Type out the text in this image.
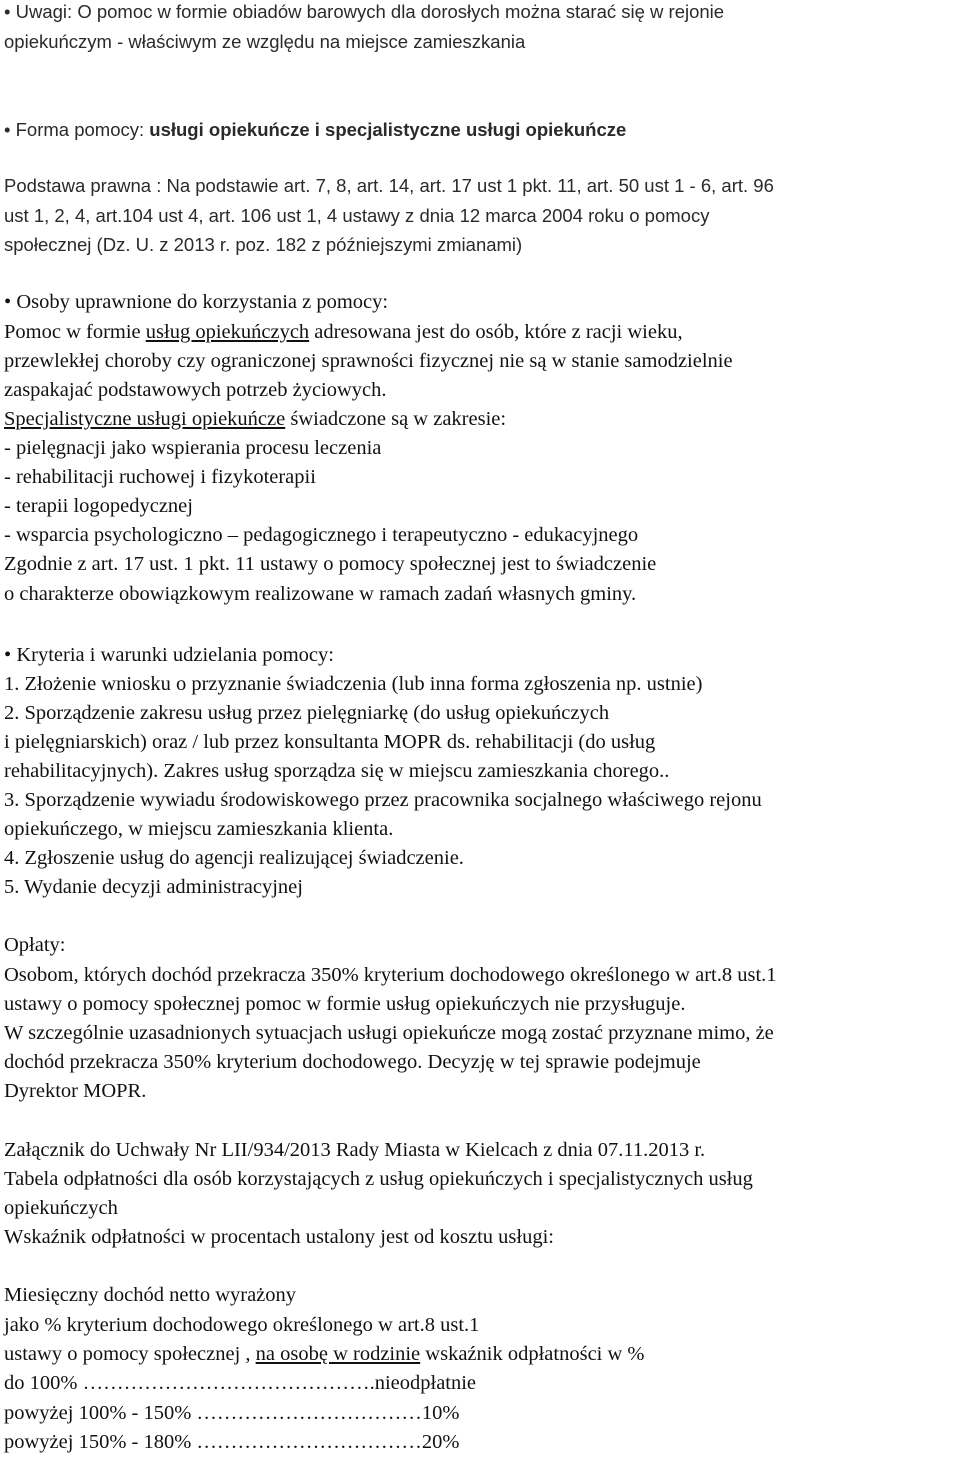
• Uwagi: O pomoc w formie obiadów barowych dla dorosłych można starać się w rejonie
opiekuńczym - właściwym ze względu na miejsce zamieszkania
• Forma pomocy: usługi opiekuńcze i specjalistyczne usługi opiekuńcze
Podstawa prawna : Na podstawie art. 7, 8, art. 14, art. 17 ust 1 pkt. 11, art. 50 ust 1 - 6, art. 96
ust 1, 2, 4, art.104 ust 4, art. 106 ust 1, 4 ustawy z dnia 12 marca 2004 roku o pomocy
społecznej (Dz. U. z 2013 r. poz. 182 z późniejszymi zmianami)
• Osoby uprawnione do korzystania z pomocy:
Pomoc w formie usług opiekuńczych adresowana jest do osób, które z racji wieku,
przewlekłej choroby czy ograniczonej sprawności fizycznej nie są w stanie samodzielnie
zaspakajać podstawowych potrzeb życiowych.
Specjalistyczne usługi opiekuńcze świadczone są w zakresie:
- pielęgnacji jako wspierania procesu leczenia
- rehabilitacji ruchowej i fizykoterapii
- terapii logopedycznej
- wsparcia psychologiczno – pedagogicznego i terapeutyczno - edukacyjnego
Zgodnie z art. 17 ust. 1 pkt. 11 ustawy o pomocy społecznej jest to świadczenie
o charakterze obowiązkowym realizowane w ramach zadań własnych gminy.
• Kryteria i warunki udzielania pomocy:
1. Złożenie wniosku o przyznanie świadczenia (lub inna forma zgłoszenia np. ustnie)
2. Sporządzenie zakresu usług przez pielęgniarkę (do usług opiekuńczych
i pielęgniarskich) oraz / lub przez konsultanta MOPR ds. rehabilitacji (do usług
rehabilitacyjnych). Zakres usług sporządza się w miejscu zamieszkania chorego..
3. Sporządzenie wywiadu środowiskowego przez pracownika socjalnego właściwego rejonu
opiekuńczego, w miejscu zamieszkania klienta.
4. Zgłoszenie usług do agencji realizującej świadczenie.
5. Wydanie decyzji administracyjnej
Opłaty:
Osobom, których dochód przekracza 350% kryterium dochodowego określonego w art.8 ust.1
ustawy o pomocy społecznej pomoc w formie usług opiekuńczych nie przysługuje.
W szczególnie uzasadnionych sytuacjach usługi opiekuńcze mogą zostać przyznane mimo, że
dochód przekracza 350% kryterium dochodowego. Decyzję w tej sprawie podejmuje
Dyrektor MOPR.
Załącznik do Uchwały Nr LII/934/2013 Rady Miasta w Kielcach z dnia 07.11.2013 r.
Tabela odpłatności dla osób korzystających z usług opiekuńczych i specjalistycznych usług
opiekuńczych
Wskaźnik odpłatności w procentach ustalony jest od kosztu usługi:
Miesięczny dochód netto wyrażony
jako % kryterium dochodowego określonego w art.8 ust.1
ustawy o pomocy społecznej , na osobę w rodzinie wskaźnik odpłatności w %
do 100% …………………………………….nieodpłatnie
powyżej 100% - 150% ……………………………10%
powyżej 150% - 180% ……………………………20%
